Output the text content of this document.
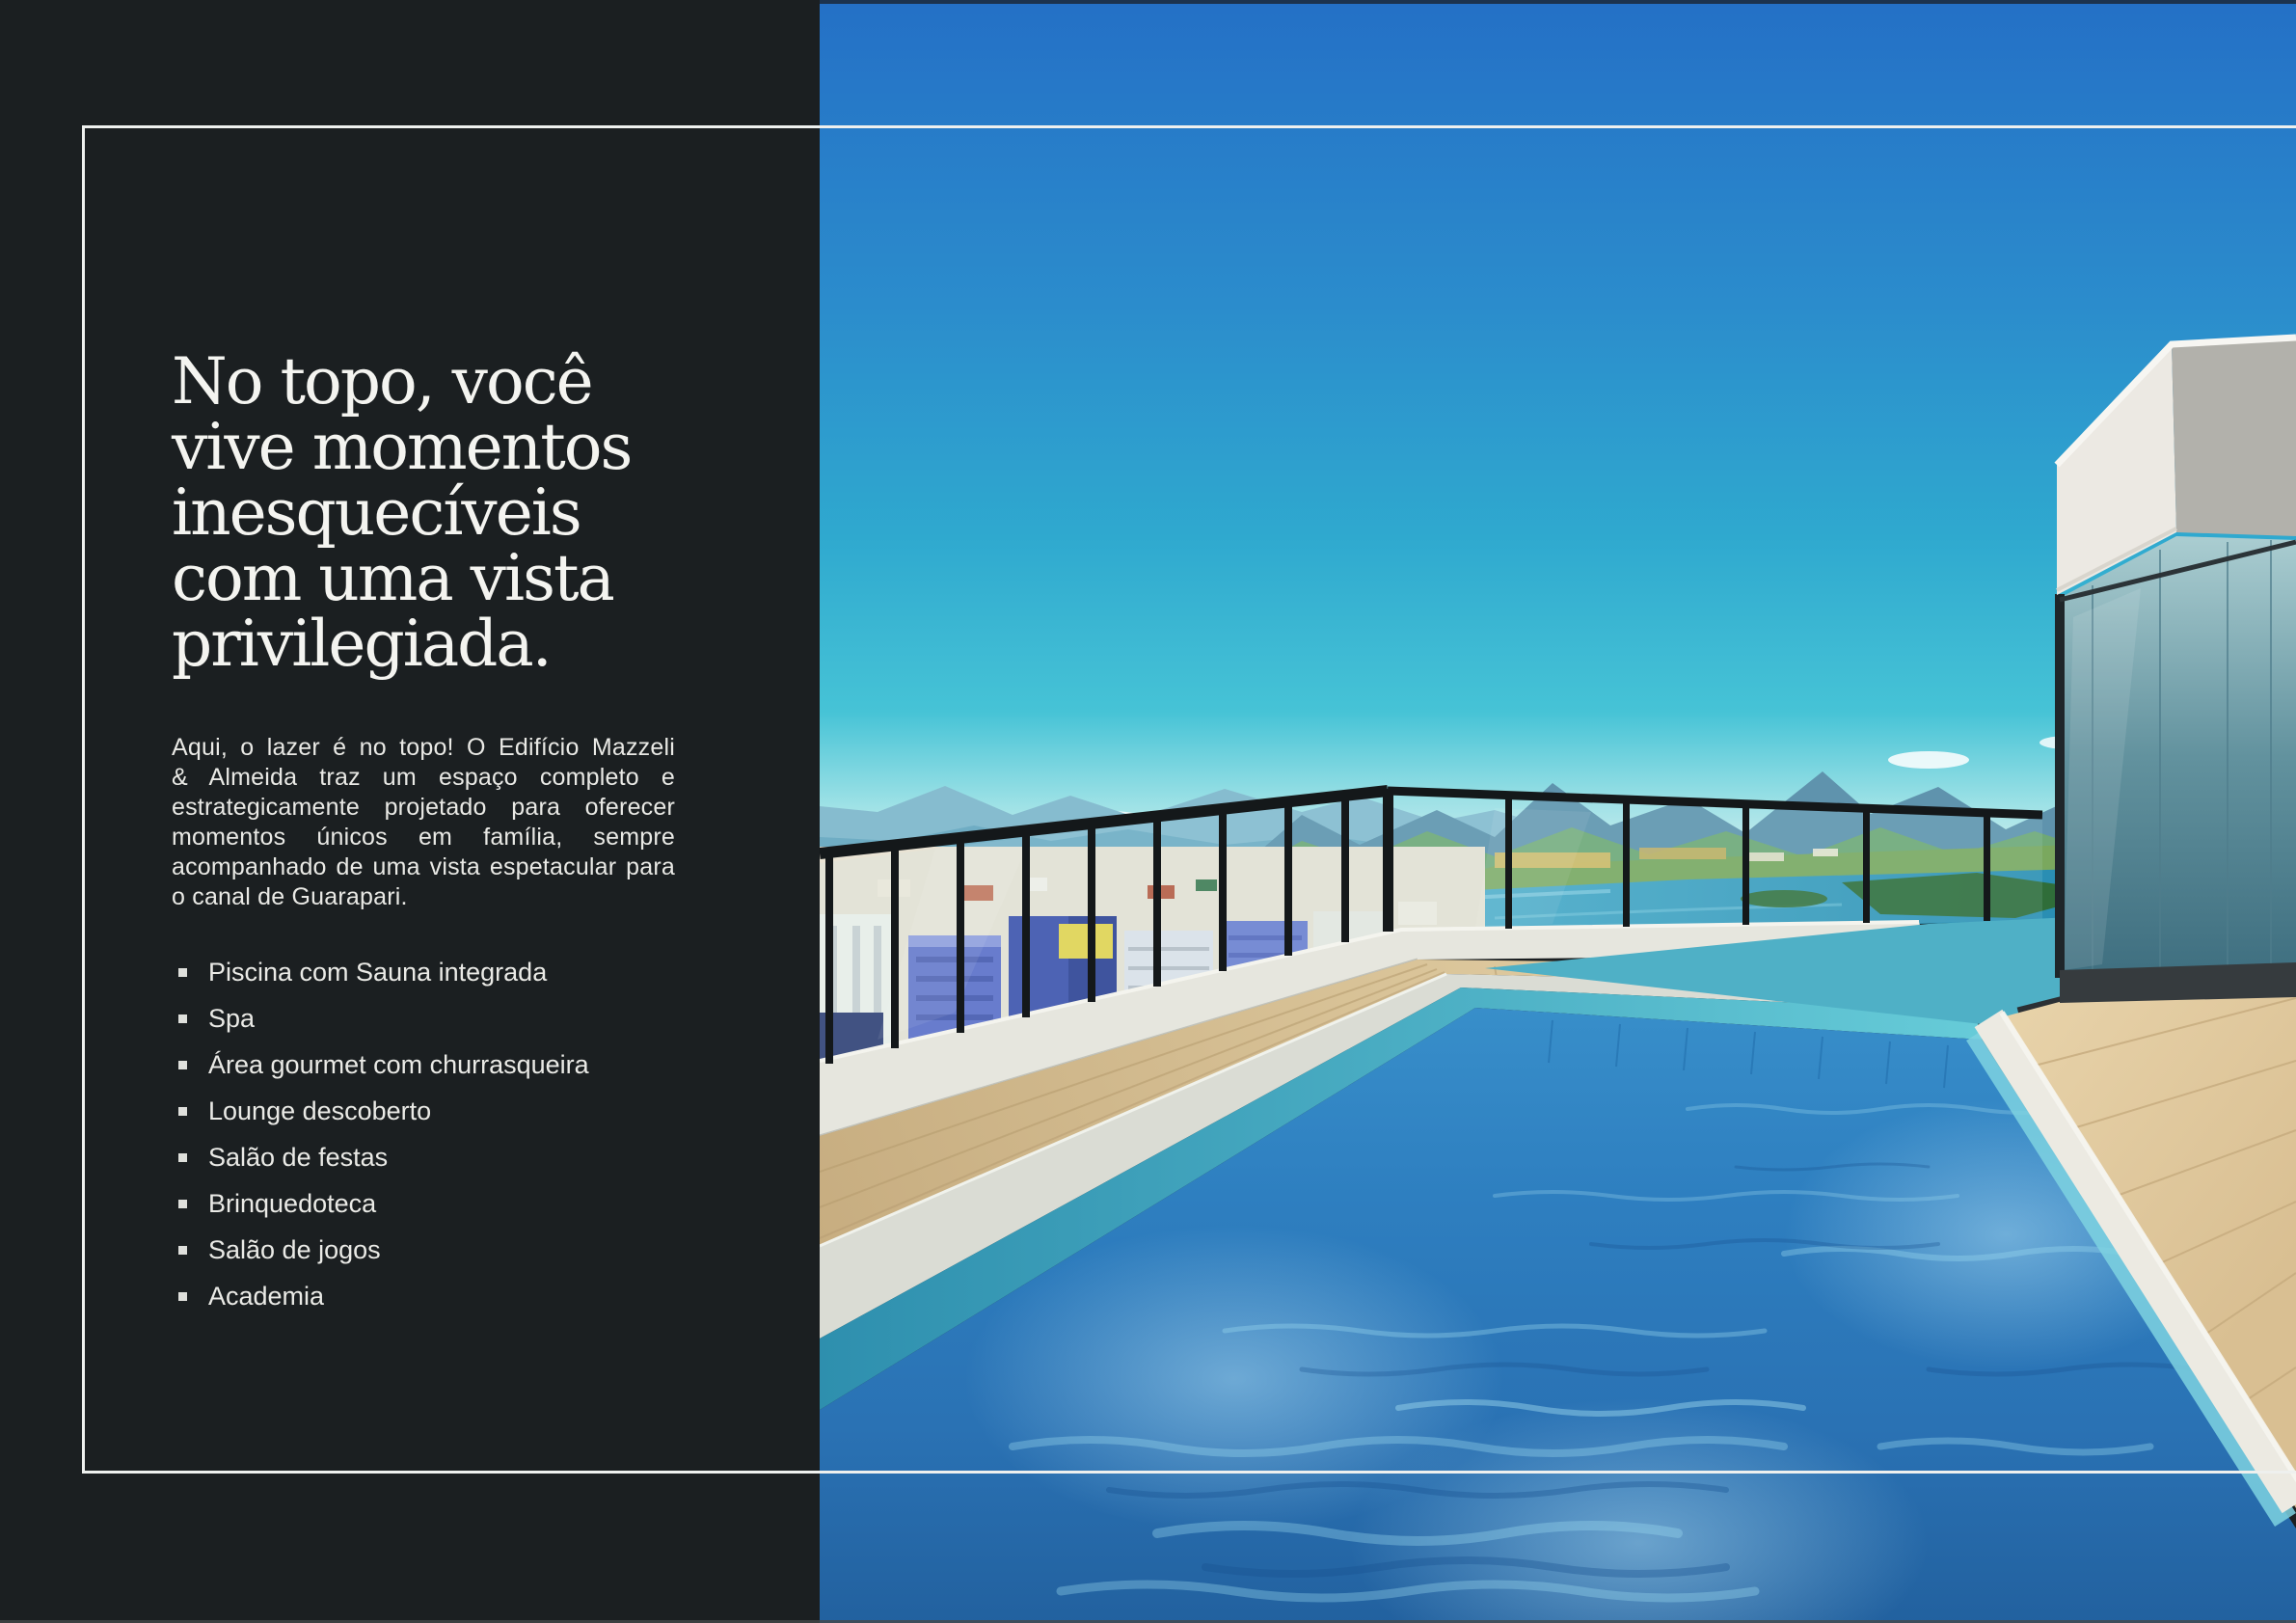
No topo, você
vive momentos
inesquecíveis
com uma vista
privilegiada.
Aqui, o lazer é no topo! O Edifício Mazzeli
& Almeida traz um espaço completo e
estrategicamente projetado para oferecer
momentos únicos em família, sempre
acompanhado de uma vista espetacular para
o canal de Guarapari.
Piscina com Sauna integrada
Spa
Área gourmet com churrasqueira
Lounge descoberto
Salão de festas
Brinquedoteca
Salão de jogos
Academia
